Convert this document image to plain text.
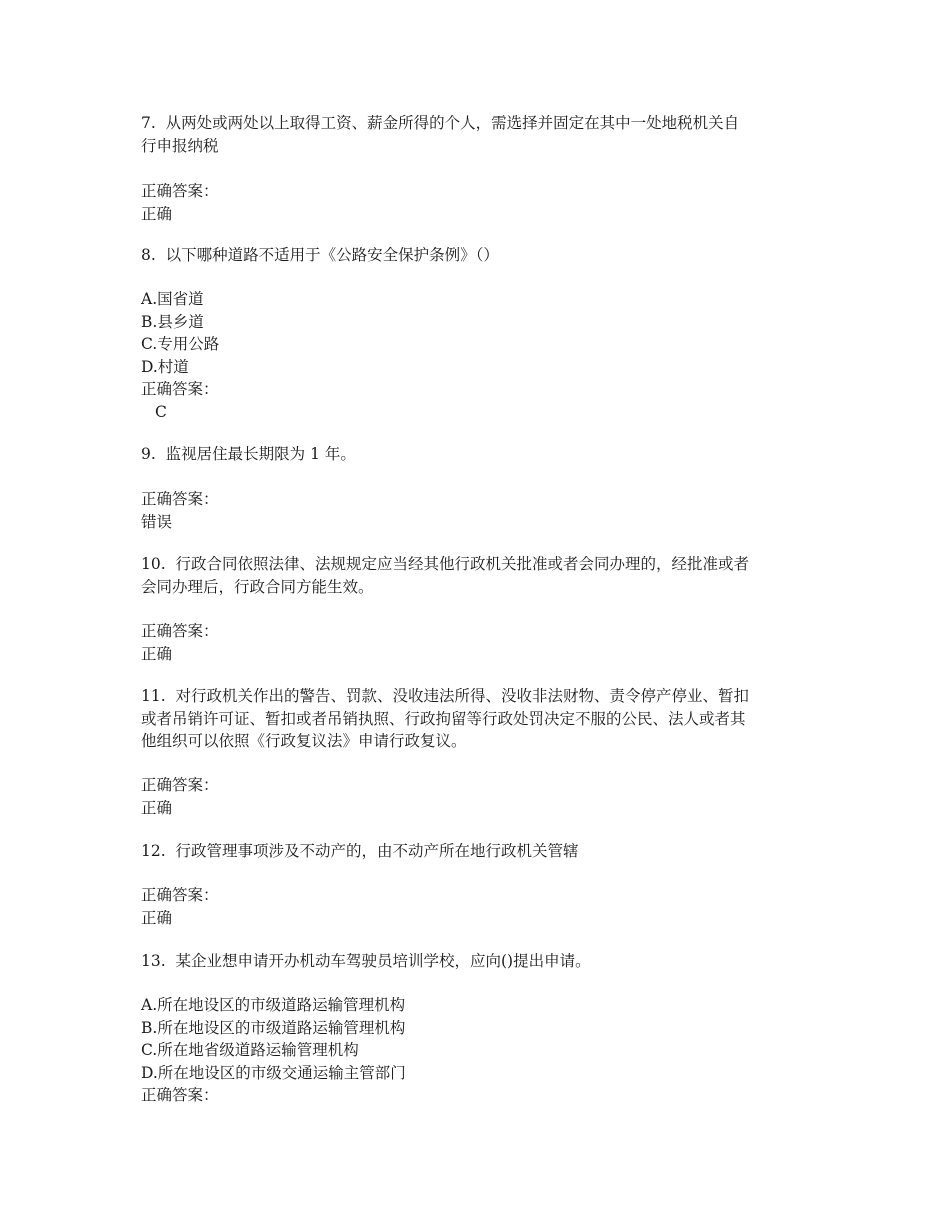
7.  从两处或两处以上取得工资、薪金所得的个人，需选择并固定在其中一处地税机关自
行申报纳税
正确答案：
正确
8.  以下哪种道路不适用于《公路安全保护条例》（）
A.国省道
B.县乡道
C.专用公路
D.村道
正确答案：
C
9.  监视居住最长期限为 1 年。
正确答案：
错误
10.  行政合同依照法律、法规规定应当经其他行政机关批准或者会同办理的，经批准或者
会同办理后，行政合同方能生效。
正确答案：
正确
11.  对行政机关作出的警告、罚款、没收违法所得、没收非法财物、责令停产停业、暂扣
或者吊销许可证、暂扣或者吊销执照、行政拘留等行政处罚决定不服的公民、法人或者其
他组织可以依照《行政复议法》申请行政复议。
正确答案：
正确
12.  行政管理事项涉及不动产的，由不动产所在地行政机关管辖
正确答案：
正确
13.  某企业想申请开办机动车驾驶员培训学校，应向()提出申请。
A.所在地设区的市级道路运输管理机构
B.所在地设区的市级道路运输管理机构
C.所在地省级道路运输管理机构
D.所在地设区的市级交通运输主管部门
正确答案：
